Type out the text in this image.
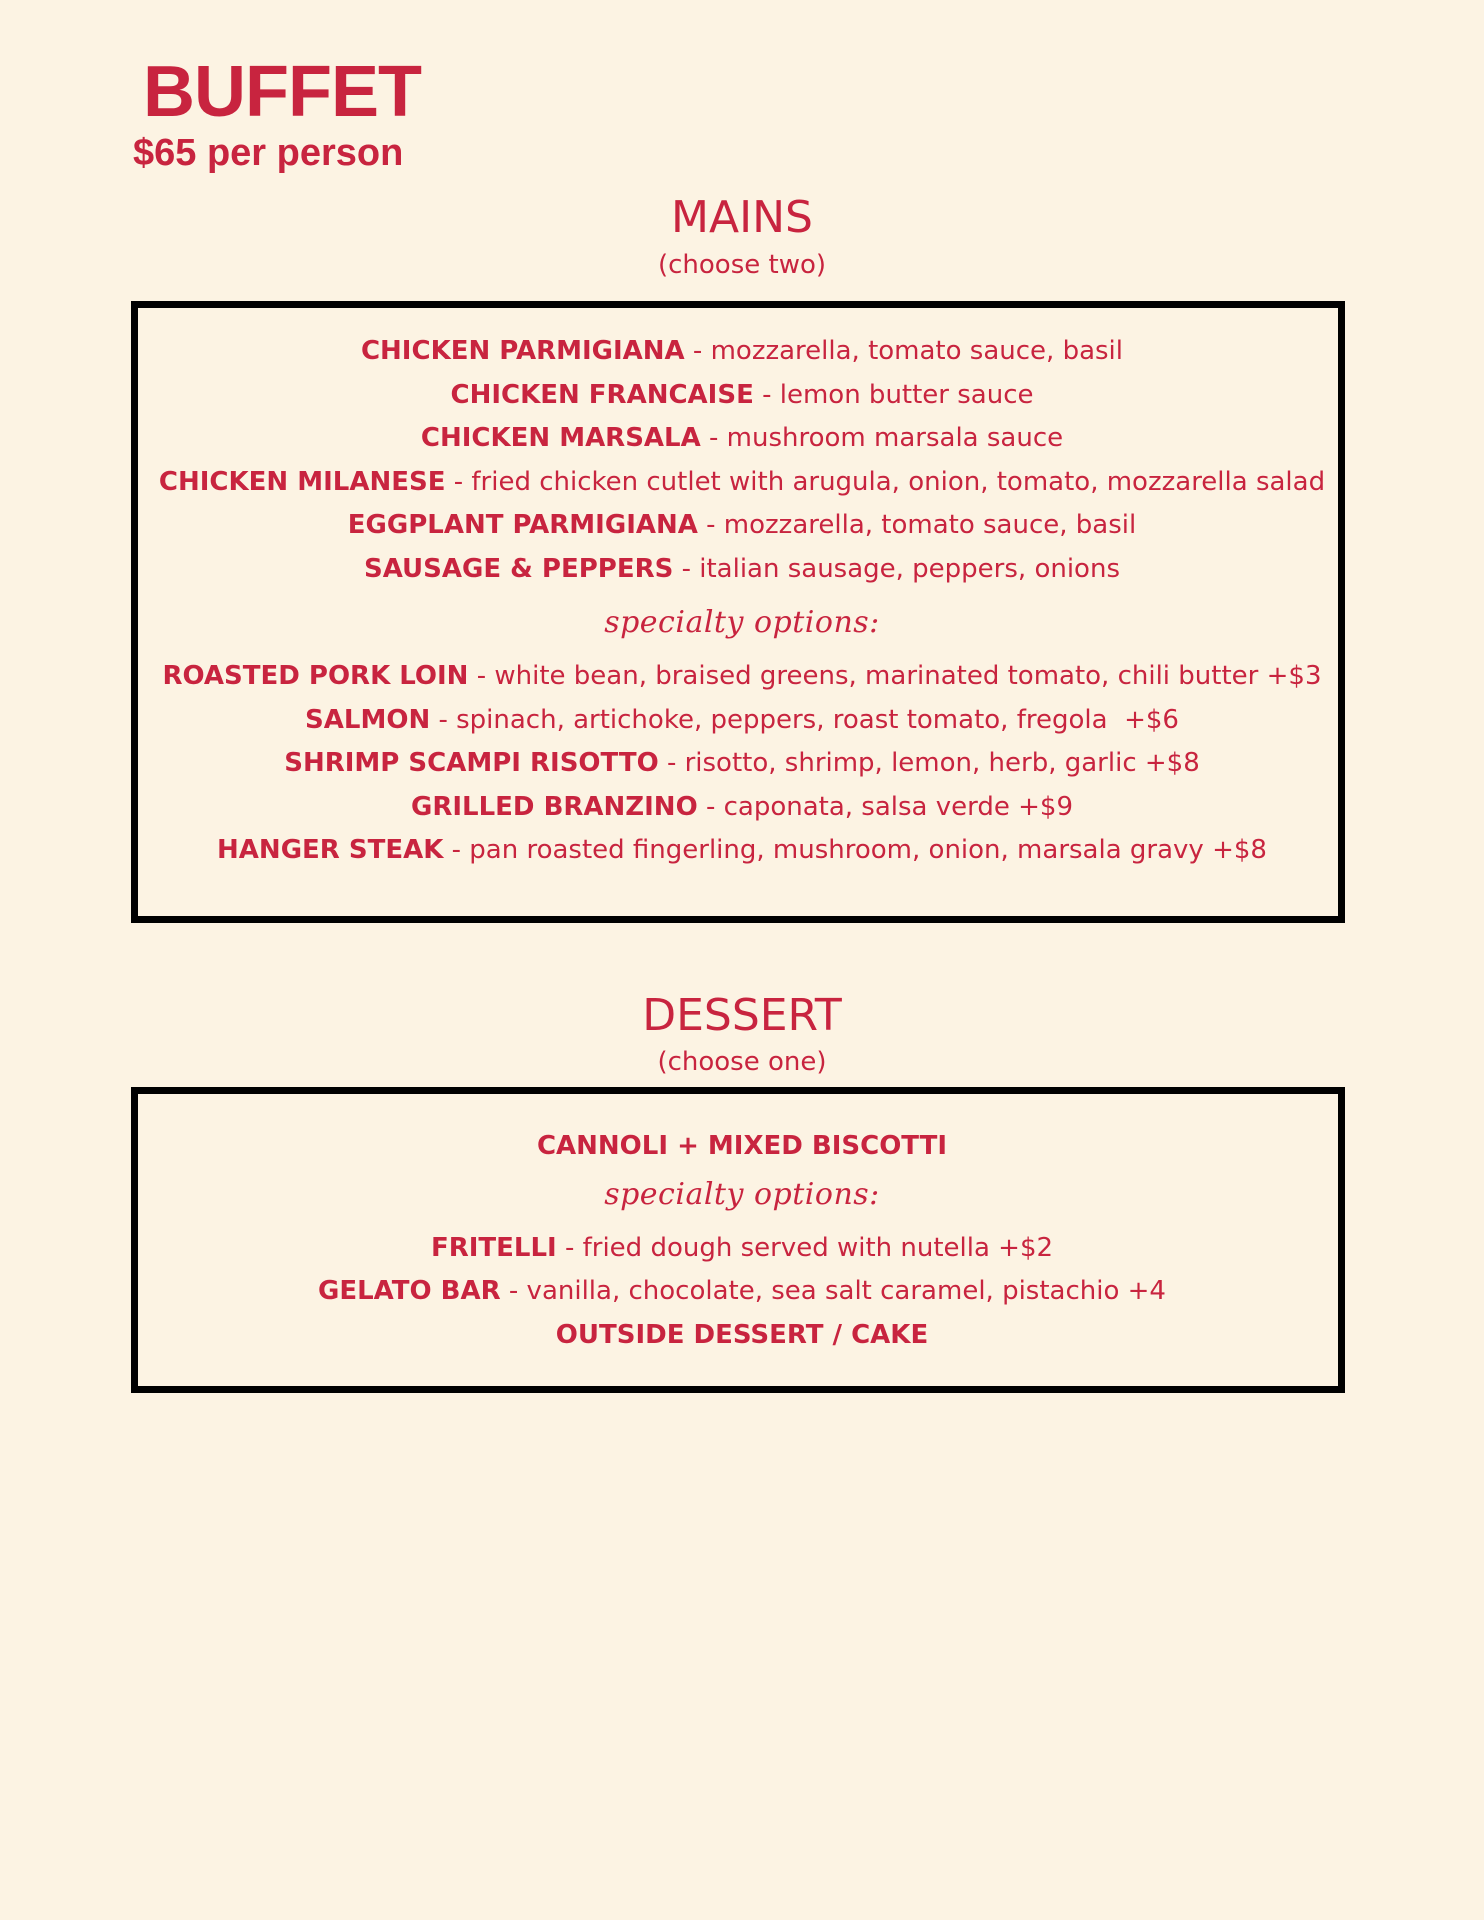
BUFFET
$65 per person
MAINS
(choose two)
CHICKEN PARMIGIANA - mozzarella, tomato sauce, basil
CHICKEN FRANCAISE - lemon butter sauce
CHICKEN MARSALA - mushroom marsala sauce
CHICKEN MILANESE - fried chicken cutlet with arugula, onion, tomato, mozzarella salad
EGGPLANT PARMIGIANA - mozzarella, tomato sauce, basil
SAUSAGE & PEPPERS - italian sausage, peppers, onions
specialty options:
ROASTED PORK LOIN - white bean, braised greens, marinated tomato, chili butter +$3
SALMON - spinach, artichoke, peppers, roast tomato, fregola  +$6
SHRIMP SCAMPI RISOTTO - risotto, shrimp, lemon, herb, garlic +$8
GRILLED BRANZINO - caponata, salsa verde +$9
HANGER STEAK - pan roasted fingerling, mushroom, onion, marsala gravy +$8
DESSERT
(choose one)
CANNOLI + MIXED BISCOTTI
specialty options:
FRITELLI - fried dough served with nutella +$2
GELATO BAR - vanilla, chocolate, sea salt caramel, pistachio +4
OUTSIDE DESSERT / CAKE
